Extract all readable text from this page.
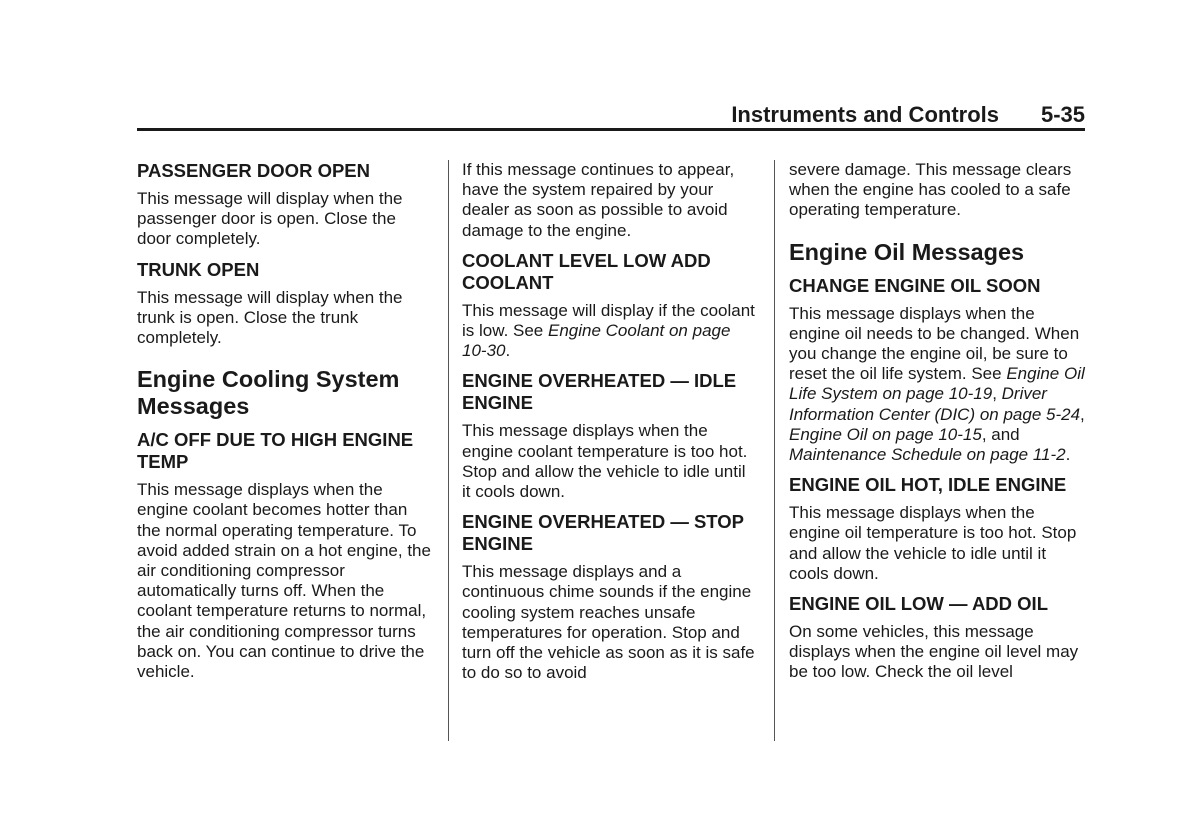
Instruments and Controls 5-35
PASSENGER DOOR OPEN

This message will display when the passenger door is open. Close the door completely.

TRUNK OPEN

This message will display when the trunk is open. Close the trunk completely.

Engine Cooling System Messages
A/C OFF DUE TO HIGH ENGINE TEMP

This message displays when the engine coolant becomes hotter than the normal operating temperature. To avoid added strain on a hot engine, the air conditioning compressor automatically turns off. When the coolant temperature returns to normal, the air conditioning compressor turns back on. You can continue to drive the vehicle.

If this message continues to appear, have the system repaired by your dealer as soon as possible to avoid damage to the engine.

COOLANT LEVEL LOW ADD COOLANT

This message will display if the coolant is low. See Engine Coolant on page 10-30.

ENGINE OVERHEATED — IDLE ENGINE

This message displays when the engine coolant temperature is too hot. Stop and allow the vehicle to idle until it cools down.

ENGINE OVERHEATED — STOP ENGINE

This message displays and a continuous chime sounds if the engine cooling system reaches unsafe temperatures for operation. Stop and turn off the vehicle as soon as it is safe to do so to avoid

severe damage. This message clears when the engine has cooled to a safe operating temperature.

Engine Oil Messages
CHANGE ENGINE OIL SOON

This message displays when the engine oil needs to be changed. When you change the engine oil, be sure to reset the oil life system. See Engine Oil Life System on page 10-19, Driver Information Center (DIC) on page 5-24, Engine Oil on page 10-15, and Maintenance Schedule on page 11-2.

ENGINE OIL HOT, IDLE ENGINE

This message displays when the engine oil temperature is too hot. Stop and allow the vehicle to idle until it cools down.

ENGINE OIL LOW — ADD OIL

On some vehicles, this message displays when the engine oil level may be too low. Check the oil level
